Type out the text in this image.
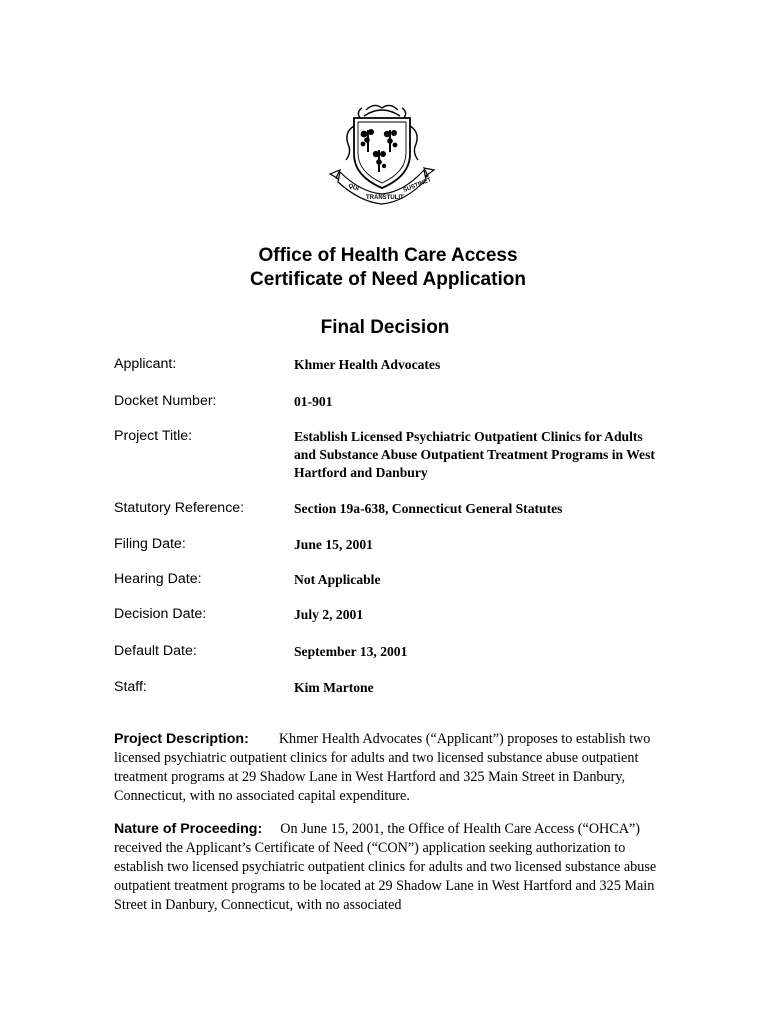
QUI
TRANSTULIT
SUSTINET
Office of Health Care Access
Certificate of Need Application
Final Decision
Applicant:	Khmer Health Advocates
Docket Number:	01-901
Project Title:	Establish Licensed Psychiatric Outpatient Clinics for Adults and Substance Abuse Outpatient Treatment Programs in West Hartford and Danbury
Statutory Reference:	Section 19a-638, Connecticut General Statutes
Filing Date:	June 15, 2001
Hearing Date:	Not Applicable
Decision Date:	July 2, 2001
Default Date:	September 13, 2001
Staff:	Kim Martone
Project Description: Khmer Health Advocates (“Applicant”) proposes to establish two licensed psychiatric outpatient clinics for adults and two licensed substance abuse outpatient treatment programs at 29 Shadow Lane in West Hartford and 325 Main Street in Danbury, Connecticut, with no associated capital expenditure.
Nature of Proceeding: On June 15, 2001, the Office of Health Care Access (“OHCA”) received the Applicant’s Certificate of Need (“CON”) application seeking authorization to establish two licensed psychiatric outpatient clinics for adults and two licensed substance abuse outpatient treatment programs to be located at 29 Shadow Lane in West Hartford and 325 Main Street in Danbury, Connecticut, with no associated
